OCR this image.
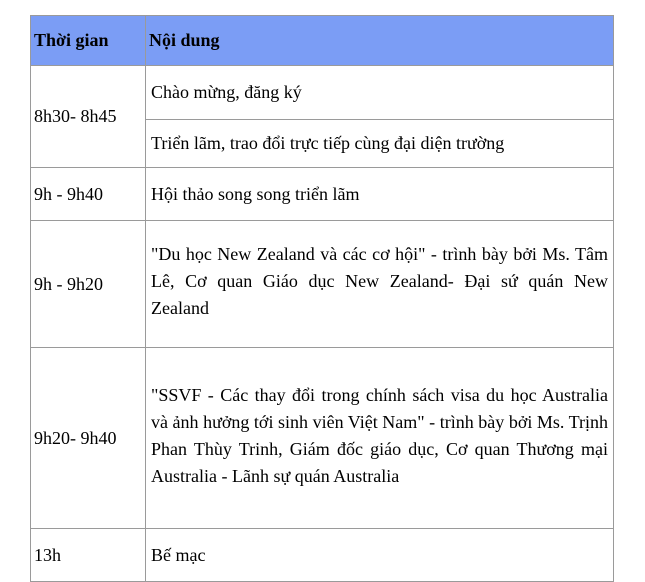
Thời gian	Nội dung
8h30- 8h45	Chào mừng, đăng ký
	Triển lãm, trao đổi trực tiếp cùng đại diện trường
9h - 9h40	Hội thảo song song triển lãm
9h - 9h20	"Du học New Zealand và các cơ hội" - trình bày bởi Ms. Tâm Lê, Cơ quan Giáo dục New Zealand- Đại sứ quán New Zealand
9h20- 9h40	"SSVF - Các thay đổi trong chính sách visa du học Australia và ảnh hưởng tới sinh viên Việt Nam" - trình bày bởi Ms. Trịnh Phan Thùy Trinh, Giám đốc giáo dục, Cơ quan Thương mại Australia - Lãnh sự quán Australia
13h	Bế mạc
